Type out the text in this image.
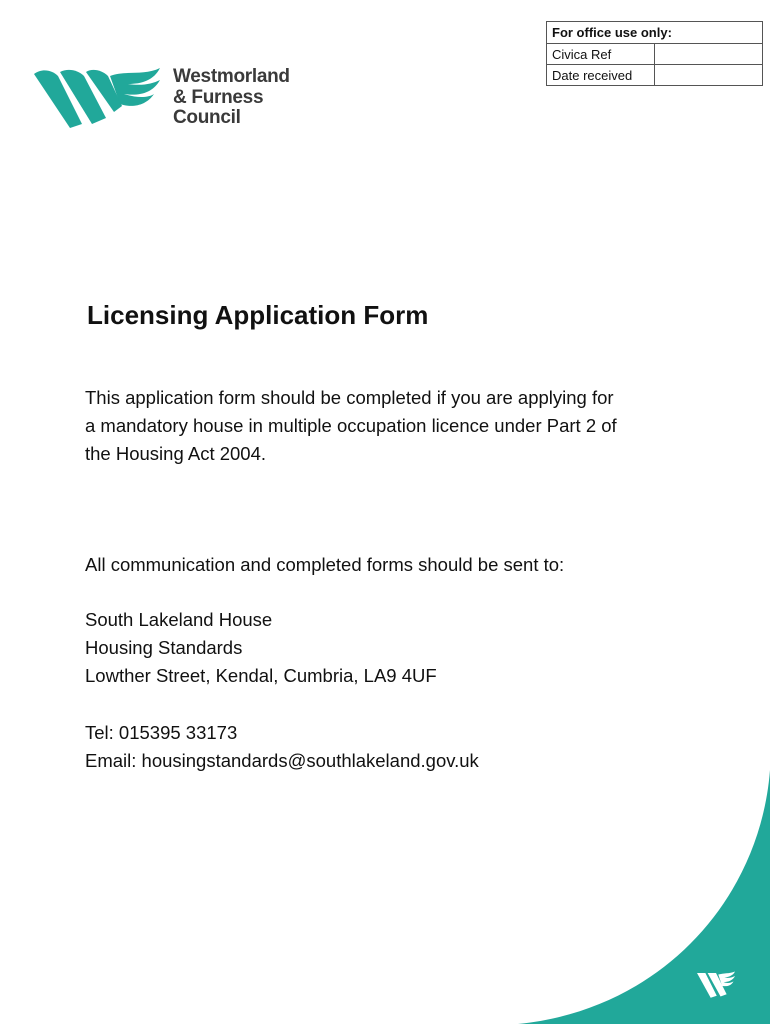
Westmorland
& Furness
Council
For office use only:	
Civica Ref	
Date received	
Licensing Application Form
This application form should be completed if you are applying for
a mandatory house in multiple occupation licence under Part 2 of
the Housing Act 2004.
All communication and completed forms should be sent to:
South Lakeland House
Housing Standards
Lowther Street, Kendal, Cumbria, LA9 4UF
Tel: 015395 33173
Email: housingstandards@southlakeland.gov.uk
